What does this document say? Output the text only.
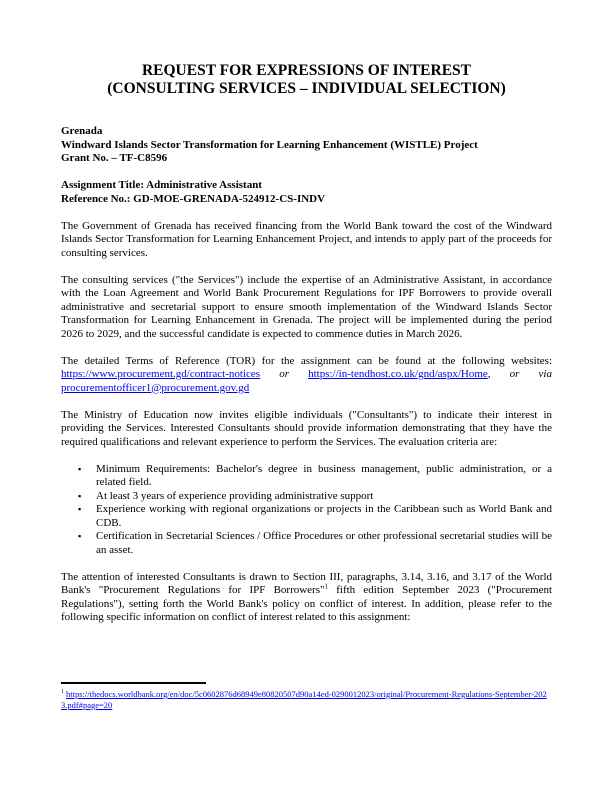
REQUEST FOR EXPRESSIONS OF INTEREST
(CONSULTING SERVICES – INDIVIDUAL SELECTION)
Grenada
Windward Islands Sector Transformation for Learning Enhancement (WISTLE) Project
Grant No. – TF-C8596
Assignment Title: Administrative Assistant
Reference No.: GD-MOE-GRENADA-524912-CS-INDV
The Government of Grenada has received financing from the World Bank toward the cost of the Windward Islands Sector Transformation for Learning Enhancement Project, and intends to apply part of the proceeds for consulting services.
The consulting services ("the Services") include the expertise of an Administrative Assistant, in accordance with the Loan Agreement and World Bank Procurement Regulations for IPF Borrowers to provide overall administrative and secretarial support to ensure smooth implementation of the Windward Islands Sector Transformation for Learning Enhancement in Grenada. The project will be implemented during the period 2026 to 2029, and the successful candidate is expected to commence duties in March 2026.
The detailed Terms of Reference (TOR) for the assignment can be found at the following websites: https://www.procurement.gd/contract-notices or https://in-tendhost.co.uk/gnd/aspx/Home, or via procurementofficer1@procurement.gov.gd
The Ministry of Education now invites eligible individuals ("Consultants") to indicate their interest in providing the Services. Interested Consultants should provide information demonstrating that they have the required qualifications and relevant experience to perform the Services. The evaluation criteria are:
▪ Minimum Requirements: Bachelor's degree in business management, public administration, or a related field.
▪ At least 3 years of experience providing administrative support
▪ Experience working with regional organizations or projects in the Caribbean such as World Bank and CDB.
▪ Certification in Secretarial Sciences / Office Procedures or other professional secretarial studies will be an asset.
The attention of interested Consultants is drawn to Section III, paragraphs, 3.14, 3.16, and 3.17 of the World Bank's "Procurement Regulations for IPF Borrowers"$^1$ fifth edition September 2023 ("Procurement Regulations"), setting forth the World Bank's policy on conflict of interest. In addition, please refer to the following specific information on conflict of interest related to this assignment:
$^1$ https://thedocs.worldbank.org/en/doc/5c0602876d68949e80820507d90a14ed-0290012023/original/Procurement-Regulations-September-2023.pdf#page=20
